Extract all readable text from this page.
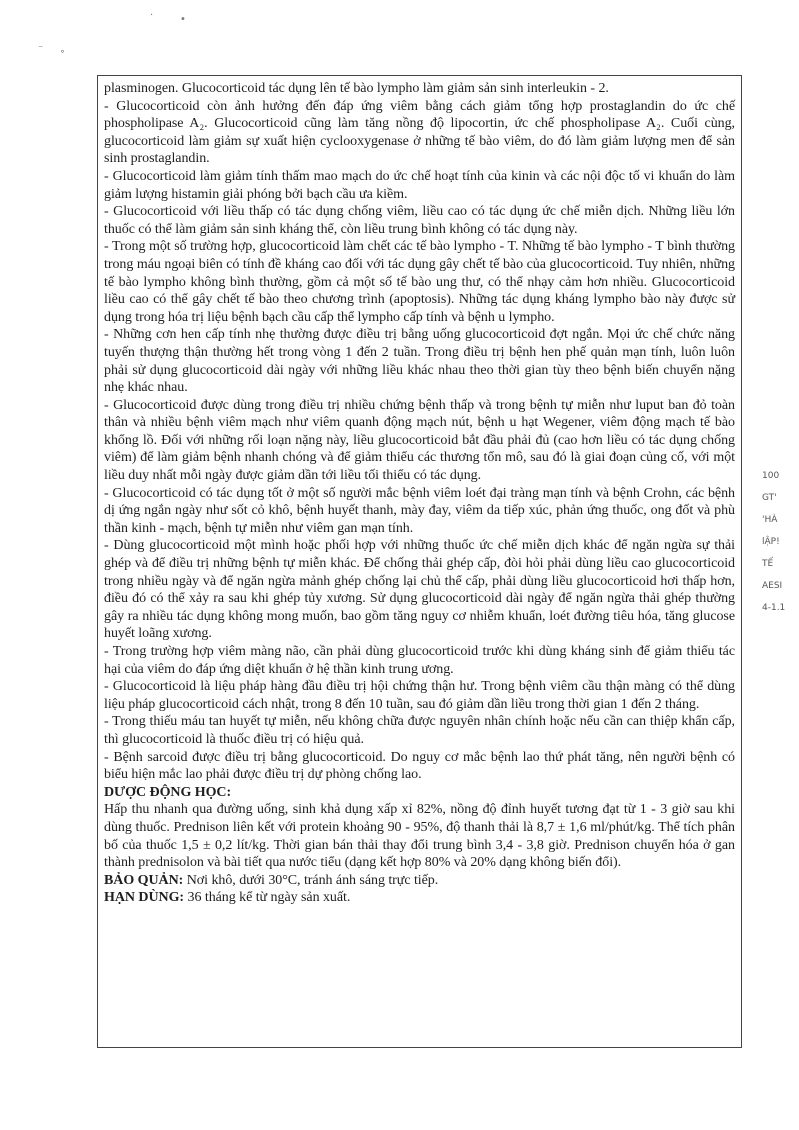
·	•
⁻ ˳

plasminogen. Glucocorticoid tác dụng lên tế bào lympho làm giảm sản sinh interleukin - 2.

- Glucocorticoid còn ảnh hưởng đến đáp ứng viêm bằng cách giảm tổng hợp prostaglandin do ức chế phospholipase A₂. Glucocorticoid cũng làm tăng nồng độ lipocortin, ức chế phospholipase A₂. Cuối cùng, glucocorticoid làm giảm sự xuất hiện cyclooxygenase ở những tế bào viêm, do đó làm giảm lượng men để sản sinh prostaglandin.

- Glucocorticoid làm giảm tính thấm mao mạch do ức chế hoạt tính của kinin và các nội độc tố vi khuẩn do làm giảm lượng histamin giải phóng bởi bạch cầu ưa kiềm.

- Glucocorticoid với liều thấp có tác dụng chống viêm, liều cao có tác dụng ức chế miễn dịch. Những liều lớn thuốc có thể làm giảm sản sinh kháng thể, còn liều trung bình không có tác dụng này.

- Trong một số trường hợp, glucocorticoid làm chết các tế bào lympho - T. Những tế bào lympho - T bình thường trong máu ngoại biên có tính đề kháng cao đối với tác dụng gây chết tế bào của glucocorticoid. Tuy nhiên, những tế bào lympho không bình thường, gồm cả một số tế bào ung thư, có thể nhạy cảm hơn nhiều. Glucocorticoid liều cao có thể gây chết tế bào theo chương trình (apoptosis). Những tác dụng kháng lympho bào này được sử dụng trong hóa trị liệu bệnh bạch cầu cấp thể lympho cấp tính và bệnh u lympho.

- Những cơn hen cấp tính nhẹ thường được điều trị bằng uống glucocorticoid đợt ngắn. Mọi ức chế chức năng tuyến thượng thận thường hết trong vòng 1 đến 2 tuần. Trong điều trị bệnh hen phế quản mạn tính, luôn luôn phải sử dụng glucocorticoid dài ngày với những liều khác nhau theo thời gian tùy theo bệnh biến chuyển nặng nhẹ khác nhau.

- Glucocorticoid được dùng trong điều trị nhiều chứng bệnh thấp và trong bệnh tự miễn như luput ban đỏ toàn thân và nhiều bệnh viêm mạch như viêm quanh động mạch nút, bệnh u hạt Wegener, viêm động mạch tế bào khổng lồ. Đối với những rối loạn nặng này, liều glucocorticoid bắt đầu phải đủ (cao hơn liều có tác dụng chống viêm) để làm giảm bệnh nhanh chóng và để giảm thiểu các thương tổn mô, sau đó là giai đoạn củng cố, với một liều duy nhất mỗi ngày được giảm dần tới liều tối thiểu có tác dụng.

- Glucocorticoid có tác dụng tốt ở một số người mắc bệnh viêm loét đại tràng mạn tính và bệnh Crohn, các bệnh dị ứng ngắn ngày như sốt cỏ khô, bệnh huyết thanh, mày đay, viêm da tiếp xúc, phản ứng thuốc, ong đốt và phù thần kinh - mạch, bệnh tự miễn như viêm gan mạn tính.

- Dùng glucocorticoid một mình hoặc phối hợp với những thuốc ức chế miễn dịch khác để ngăn ngừa sự thải ghép và để điều trị những bệnh tự miễn khác. Để chống thải ghép cấp, đòi hỏi phải dùng liều cao glucocorticoid trong nhiều ngày và để ngăn ngừa mảnh ghép chống lại chủ thể cấp, phải dùng liều glucocorticoid hơi thấp hơn, điều đó có thể xảy ra sau khi ghép tủy xương. Sử dụng glucocorticoid dài ngày để ngăn ngừa thải ghép thường gây ra nhiều tác dụng không mong muốn, bao gồm tăng nguy cơ nhiễm khuẩn, loét đường tiêu hóa, tăng glucose huyết loãng xương.

- Trong trường hợp viêm màng não, cần phải dùng glucocorticoid trước khi dùng kháng sinh để giảm thiểu tác hại của viêm do đáp ứng diệt khuẩn ở hệ thần kinh trung ương.

- Glucocorticoid là liệu pháp hàng đầu điều trị hội chứng thận hư. Trong bệnh viêm cầu thận màng có thể dùng liệu pháp glucocorticoid cách nhật, trong 8 đến 10 tuần, sau đó giảm dần liều trong thời gian 1 đến 2 tháng.

- Trong thiếu máu tan huyết tự miễn, nếu không chữa được nguyên nhân chính hoặc nếu cần can thiệp khẩn cấp, thì glucocorticoid là thuốc điều trị có hiệu quả.

- Bệnh sarcoid được điều trị bằng glucocorticoid. Do nguy cơ mắc bệnh lao thứ phát tăng, nên người bệnh có biểu hiện mắc lao phải được điều trị dự phòng chống lao.

DƯỢC ĐỘNG HỌC:

Hấp thu nhanh qua đường uống, sinh khả dụng xấp xỉ 82%, nồng độ đỉnh huyết tương đạt từ 1 - 3 giờ sau khi dùng thuốc. Prednison liên kết với protein khoảng 90 - 95%, độ thanh thải là 8,7 ± 1,6 ml/phút/kg. Thể tích phân bố của thuốc 1,5 ± 0,2 lít/kg. Thời gian bán thải thay đổi trung bình 3,4 - 3,8 giờ. Prednison chuyển hóa ở gan thành prednisolon và bài tiết qua nước tiểu (dạng kết hợp 80% và 20% dạng không biến đổi).

BẢO QUẢN: Nơi khô, dưới 30°C, tránh ánh sáng trực tiếp.

HẠN DÙNG: 36 tháng kể từ ngày sản xuất.

100
GT'
'HÀ
lẬP!
TẾ
AESI
4-1.1
